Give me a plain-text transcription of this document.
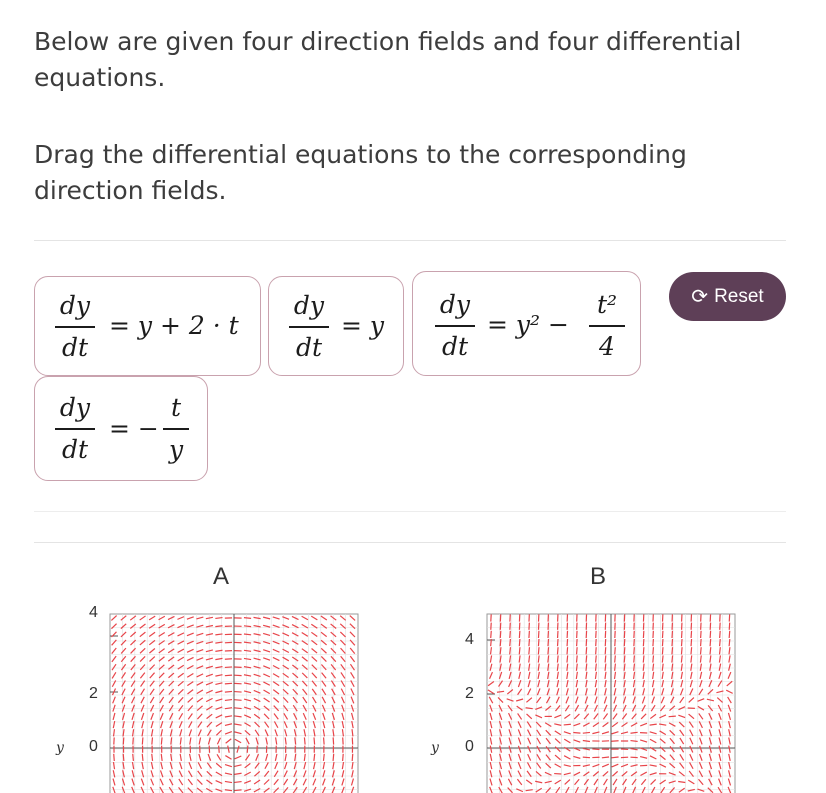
Below are given four direction fields and four differential equations.

Drag the differential equations to the corresponding direction fields.

dy
dt
= y + 2 · t
dy
dt
= y
dy
dt
= y² −
t²
4
dy
dt
= −
t
y
⟳ Reset
A
4
2
0
y
B
4
2
0
y
